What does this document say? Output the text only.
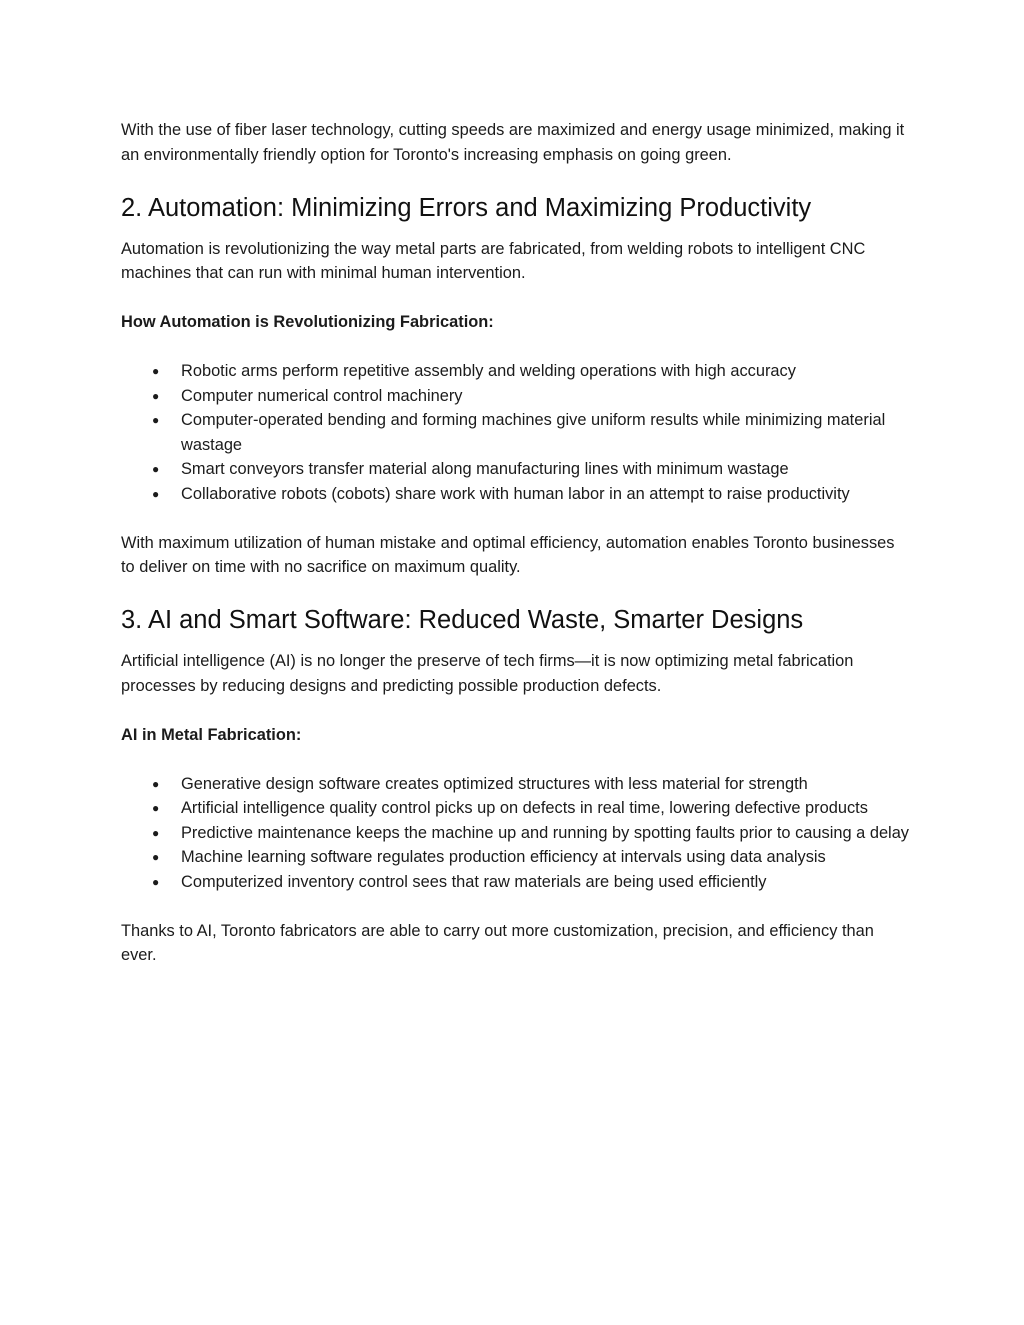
With the use of fiber laser technology, cutting speeds are maximized and energy usage minimized, making it an environmentally friendly option for Toronto's increasing emphasis on going green.

2. Automation: Minimizing Errors and Maximizing Productivity

Automation is revolutionizing the way metal parts are fabricated, from welding robots to intelligent CNC machines that can run with minimal human intervention.

How Automation is Revolutionizing Fabrication:

● Robotic arms perform repetitive assembly and welding operations with high accuracy
● Computer numerical control machinery
● Computer-operated bending and forming machines give uniform results while minimizing material wastage
● Smart conveyors transfer material along manufacturing lines with minimum wastage
● Collaborative robots (cobots) share work with human labor in an attempt to raise productivity

With maximum utilization of human mistake and optimal efficiency, automation enables Toronto businesses to deliver on time with no sacrifice on maximum quality.

3. AI and Smart Software: Reduced Waste, Smarter Designs

Artificial intelligence (AI) is no longer the preserve of tech firms—it is now optimizing metal fabrication processes by reducing designs and predicting possible production defects.

AI in Metal Fabrication:

● Generative design software creates optimized structures with less material for strength
● Artificial intelligence quality control picks up on defects in real time, lowering defective products
● Predictive maintenance keeps the machine up and running by spotting faults prior to causing a delay
● Machine learning software regulates production efficiency at intervals using data analysis
● Computerized inventory control sees that raw materials are being used efficiently

Thanks to AI, Toronto fabricators are able to carry out more customization, precision, and efficiency than ever.
